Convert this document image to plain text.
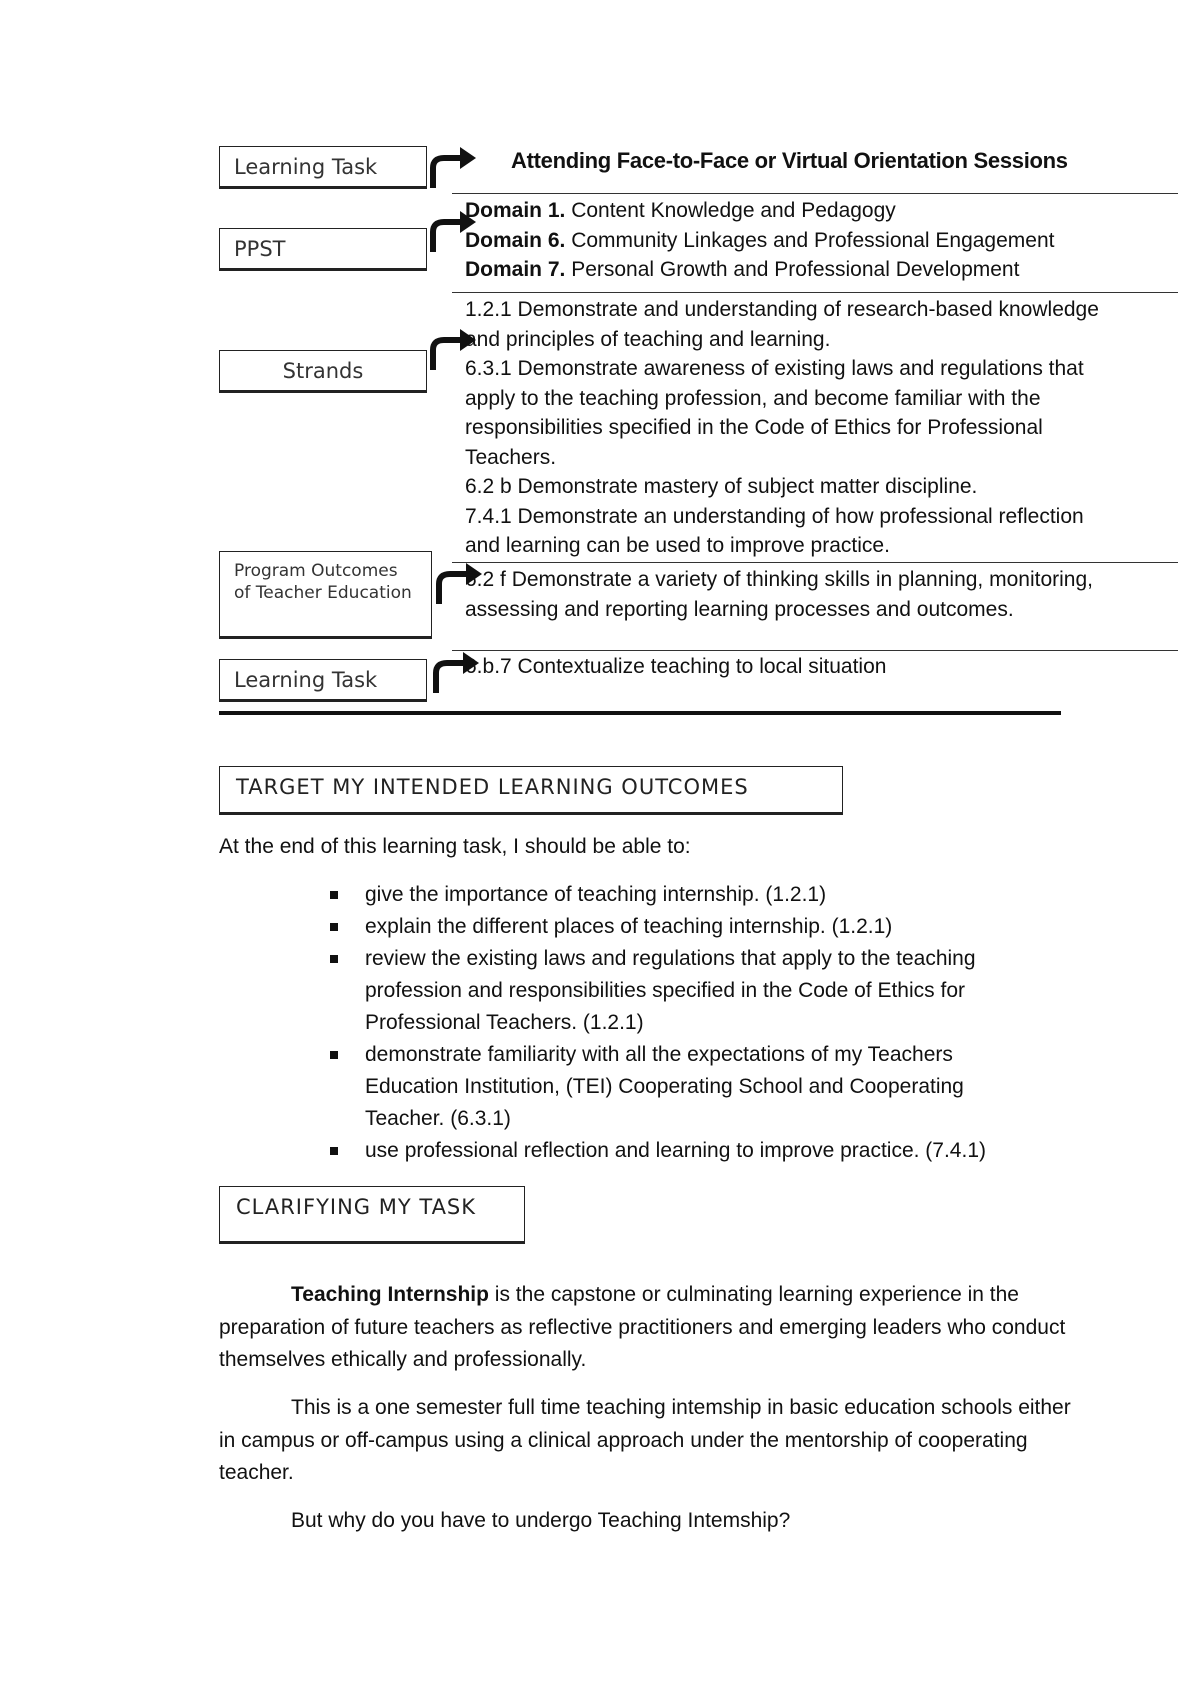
Learning Task	Attending Face-to-Face or Virtual Orientation Sessions
PPST
Domain 1. Content Knowledge and Pedagogy
Domain 6. Community Linkages and Professional Engagement
Domain 7. Personal Growth and Professional Development
Strands
1.2.1 Demonstrate and understanding of research-based knowledge
and principles of teaching and learning.
6.3.1 Demonstrate awareness of existing laws and regulations that
apply to the teaching profession, and become familiar with the
responsibilities specified in the Code of Ethics for Professional
Teachers.
6.2 b Demonstrate mastery of subject matter discipline.
7.4.1 Demonstrate an understanding of how professional reflection
and learning can be used to improve practice.
Program Outcomes of Teacher Education
6.2 f Demonstrate a variety of thinking skills in planning, monitoring,
assessing and reporting learning processes and outcomes.
Learning Task
6.b.7 Contextualize teaching to local situation
TARGET MY INTENDED LEARNING OUTCOMES
At the end of this learning task, I should be able to:
give the importance of teaching internship. (1.2.1)
explain the different places of teaching internship. (1.2.1)
review the existing laws and regulations that apply to the teaching profession and responsibilities specified in the Code of Ethics for Professional Teachers. (1.2.1)
demonstrate familiarity with all the expectations of my Teachers Education Institution, (TEI) Cooperating School and Cooperating Teacher. (6.3.1)
use professional reflection and learning to improve practice. (7.4.1)
CLARIFYING MY TASK
Teaching Internship is the capstone or culminating learning experience in the preparation of future teachers as reflective practitioners and emerging leaders who conduct themselves ethically and professionally.
This is a one semester full time teaching intemship in basic education schools either in campus or off-campus using a clinical approach under the mentorship of cooperating teacher.
But why do you have to undergo Teaching Intemship?
